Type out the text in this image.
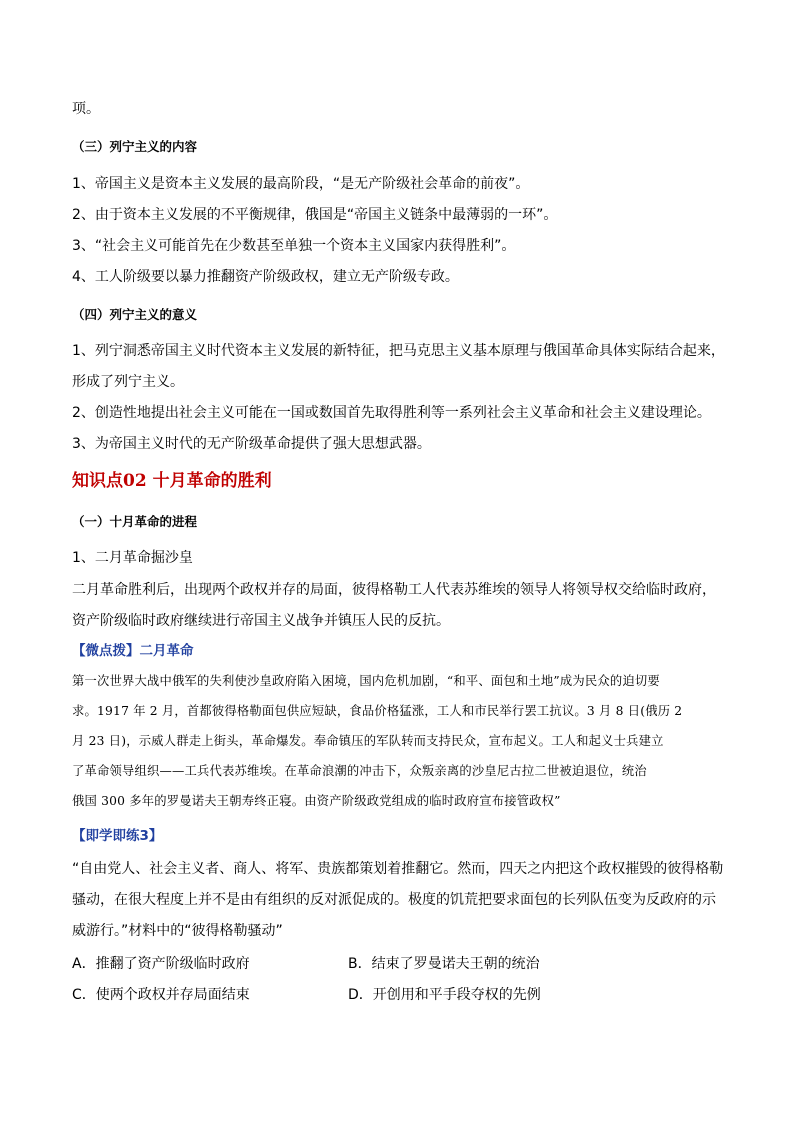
项。
（三）列宁主义的内容
1、帝国主义是资本主义发展的最高阶段，“是无产阶级社会革命的前夜”。
2、由于资本主义发展的不平衡规律，俄国是“帝国主义链条中最薄弱的一环”。
3、“社会主义可能首先在少数甚至单独一个资本主义国家内获得胜利”。
4、工人阶级要以暴力推翻资产阶级政权，建立无产阶级专政。
（四）列宁主义的意义
1、列宁洞悉帝国主义时代资本主义发展的新特征，把马克思主义基本原理与俄国革命具体实际结合起来，
形成了列宁主义。
2、创造性地提出社会主义可能在一国或数国首先取得胜利等一系列社会主义革命和社会主义建设理论。
3、为帝国主义时代的无产阶级革命提供了强大思想武器。
知识点02 十月革命的胜利
（一）十月革命的进程
1、二月革命掘沙皇
二月革命胜利后，出现两个政权并存的局面，彼得格勒工人代表苏维埃的领导人将领导权交给临时政府，
资产阶级临时政府继续进行帝国主义战争并镇压人民的反抗。
【微点拨】二月革命
第一次世界大战中俄军的失利使沙皇政府陷入困境，国内危机加剧，“和平、面包和土地”成为民众的迫切要
求。1917 年 2 月，首都彼得格勒面包供应短缺，食品价格猛涨，工人和市民举行罢工抗议。3 月 8 日(俄历 2
月 23 日)，示威人群走上街头，革命爆发。奉命镇压的军队转而支持民众，宣布起义。工人和起义士兵建立
了革命领导组织——工兵代表苏维埃。在革命浪潮的冲击下，众叛亲离的沙皇尼古拉二世被迫退位，统治
俄国 300 多年的罗曼诺夫王朝寿终正寝。由资产阶级政党组成的临时政府宣布接管政权”
【即学即练3】
“自由党人、社会主义者、商人、将军、贵族都策划着推翻它。然而，四天之内把这个政权摧毁的彼得格勒
骚动，在很大程度上并不是由有组织的反对派促成的。极度的饥荒把要求面包的长列队伍变为反政府的示
威游行。”材料中的“彼得格勒骚动”
A．推翻了资产阶级临时政府	B．结束了罗曼诺夫王朝的统治
C．使两个政权并存局面结束	D．开创用和平手段夺权的先例
